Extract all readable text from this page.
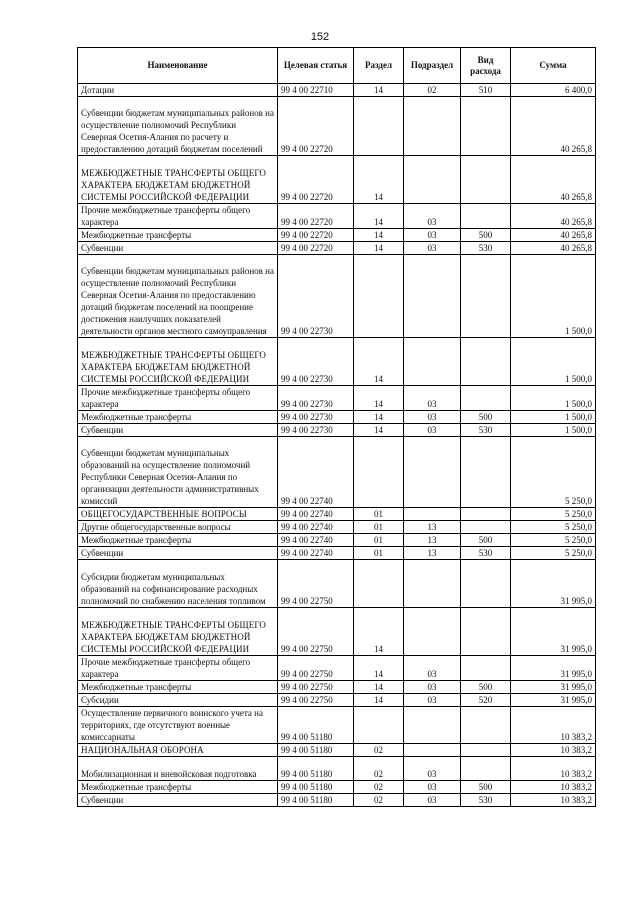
152
Наименование	Целевая статья	Раздел	Подраздел	Вид расхода	Сумма
Дотации	99 4 00 22710	14	02	510	6 400,0
Субвенции бюджетам муниципальных районов на осуществление полномочий Республики Северная Осетия-Алания по расчету и предоставлению дотаций бюджетам поселений	99 4 00 22720				40 265,8
МЕЖБЮДЖЕТНЫЕ ТРАНСФЕРТЫ ОБЩЕГО ХАРАКТЕРА БЮДЖЕТАМ БЮДЖЕТНОЙ СИСТЕМЫ РОССИЙСКОЙ ФЕДЕРАЦИИ	99 4 00 22720	14			40 265,8
Прочие межбюджетные трансферты общего характера	99 4 00 22720	14	03		40 265,8
Межбюджетные трансферты	99 4 00 22720	14	03	500	40 265,8
Субвенции	99 4 00 22720	14	03	530	40 265,8
Субвенции бюджетам муниципальных районов на осуществление полномочий Республики Северная Осетия-Алания по предоставлению дотаций бюджетам поселений на поощрение достижения наилучших показателей деятельности органов местного самоуправления	99 4 00 22730				1 500,0
МЕЖБЮДЖЕТНЫЕ ТРАНСФЕРТЫ ОБЩЕГО ХАРАКТЕРА БЮДЖЕТАМ БЮДЖЕТНОЙ СИСТЕМЫ РОССИЙСКОЙ ФЕДЕРАЦИИ	99 4 00 22730	14			1 500,0
Прочие межбюджетные трансферты общего характера	99 4 00 22730	14	03		1 500,0
Межбюджетные трансферты	99 4 00 22730	14	03	500	1 500,0
Субвенции	99 4 00 22730	14	03	530	1 500,0
Субвенции бюджетам муниципальных образований на осуществление полномочий Республики Северная Осетия-Алания по организации деятельности административных комиссий	99 4 00 22740				5 250,0
ОБЩЕГОСУДАРСТВЕННЫЕ ВОПРОСЫ	99 4 00 22740	01			5 250,0
Другие общегосударственные вопросы	99 4 00 22740	01	13		5 250,0
Межбюджетные трансферты	99 4 00 22740	01	13	500	5 250,0
Субвенции	99 4 00 22740	01	13	530	5 250,0
Субсидии бюджетам муниципальных образований на софинансирование расходных полномочий по снабжению населения топливом	99 4 00 22750				31 995,0
МЕЖБЮДЖЕТНЫЕ ТРАНСФЕРТЫ ОБЩЕГО ХАРАКТЕРА БЮДЖЕТАМ БЮДЖЕТНОЙ СИСТЕМЫ РОССИЙСКОЙ ФЕДЕРАЦИИ	99 4 00 22750	14			31 995,0
Прочие межбюджетные трансферты общего характера	99 4 00 22750	14	03		31 995,0
Межбюджетные трансферты	99 4 00 22750	14	03	500	31 995,0
Субсидии	99 4 00 22750	14	03	520	31 995,0
Осуществление первичного воинского учета на территориях, где отсутствуют военные комиссариаты	99 4 00 51180				10 383,2
НАЦИОНАЛЬНАЯ ОБОРОНА	99 4 00 51180	02			10 383,2
Мобилизационная и вневойсковая подготовка	99 4 00 51180	02	03		10 383,2
Межбюджетные трансферты	99 4 00 51180	02	03	500	10 383,2
Субвенции	99 4 00 51180	02	03	530	10 383,2
